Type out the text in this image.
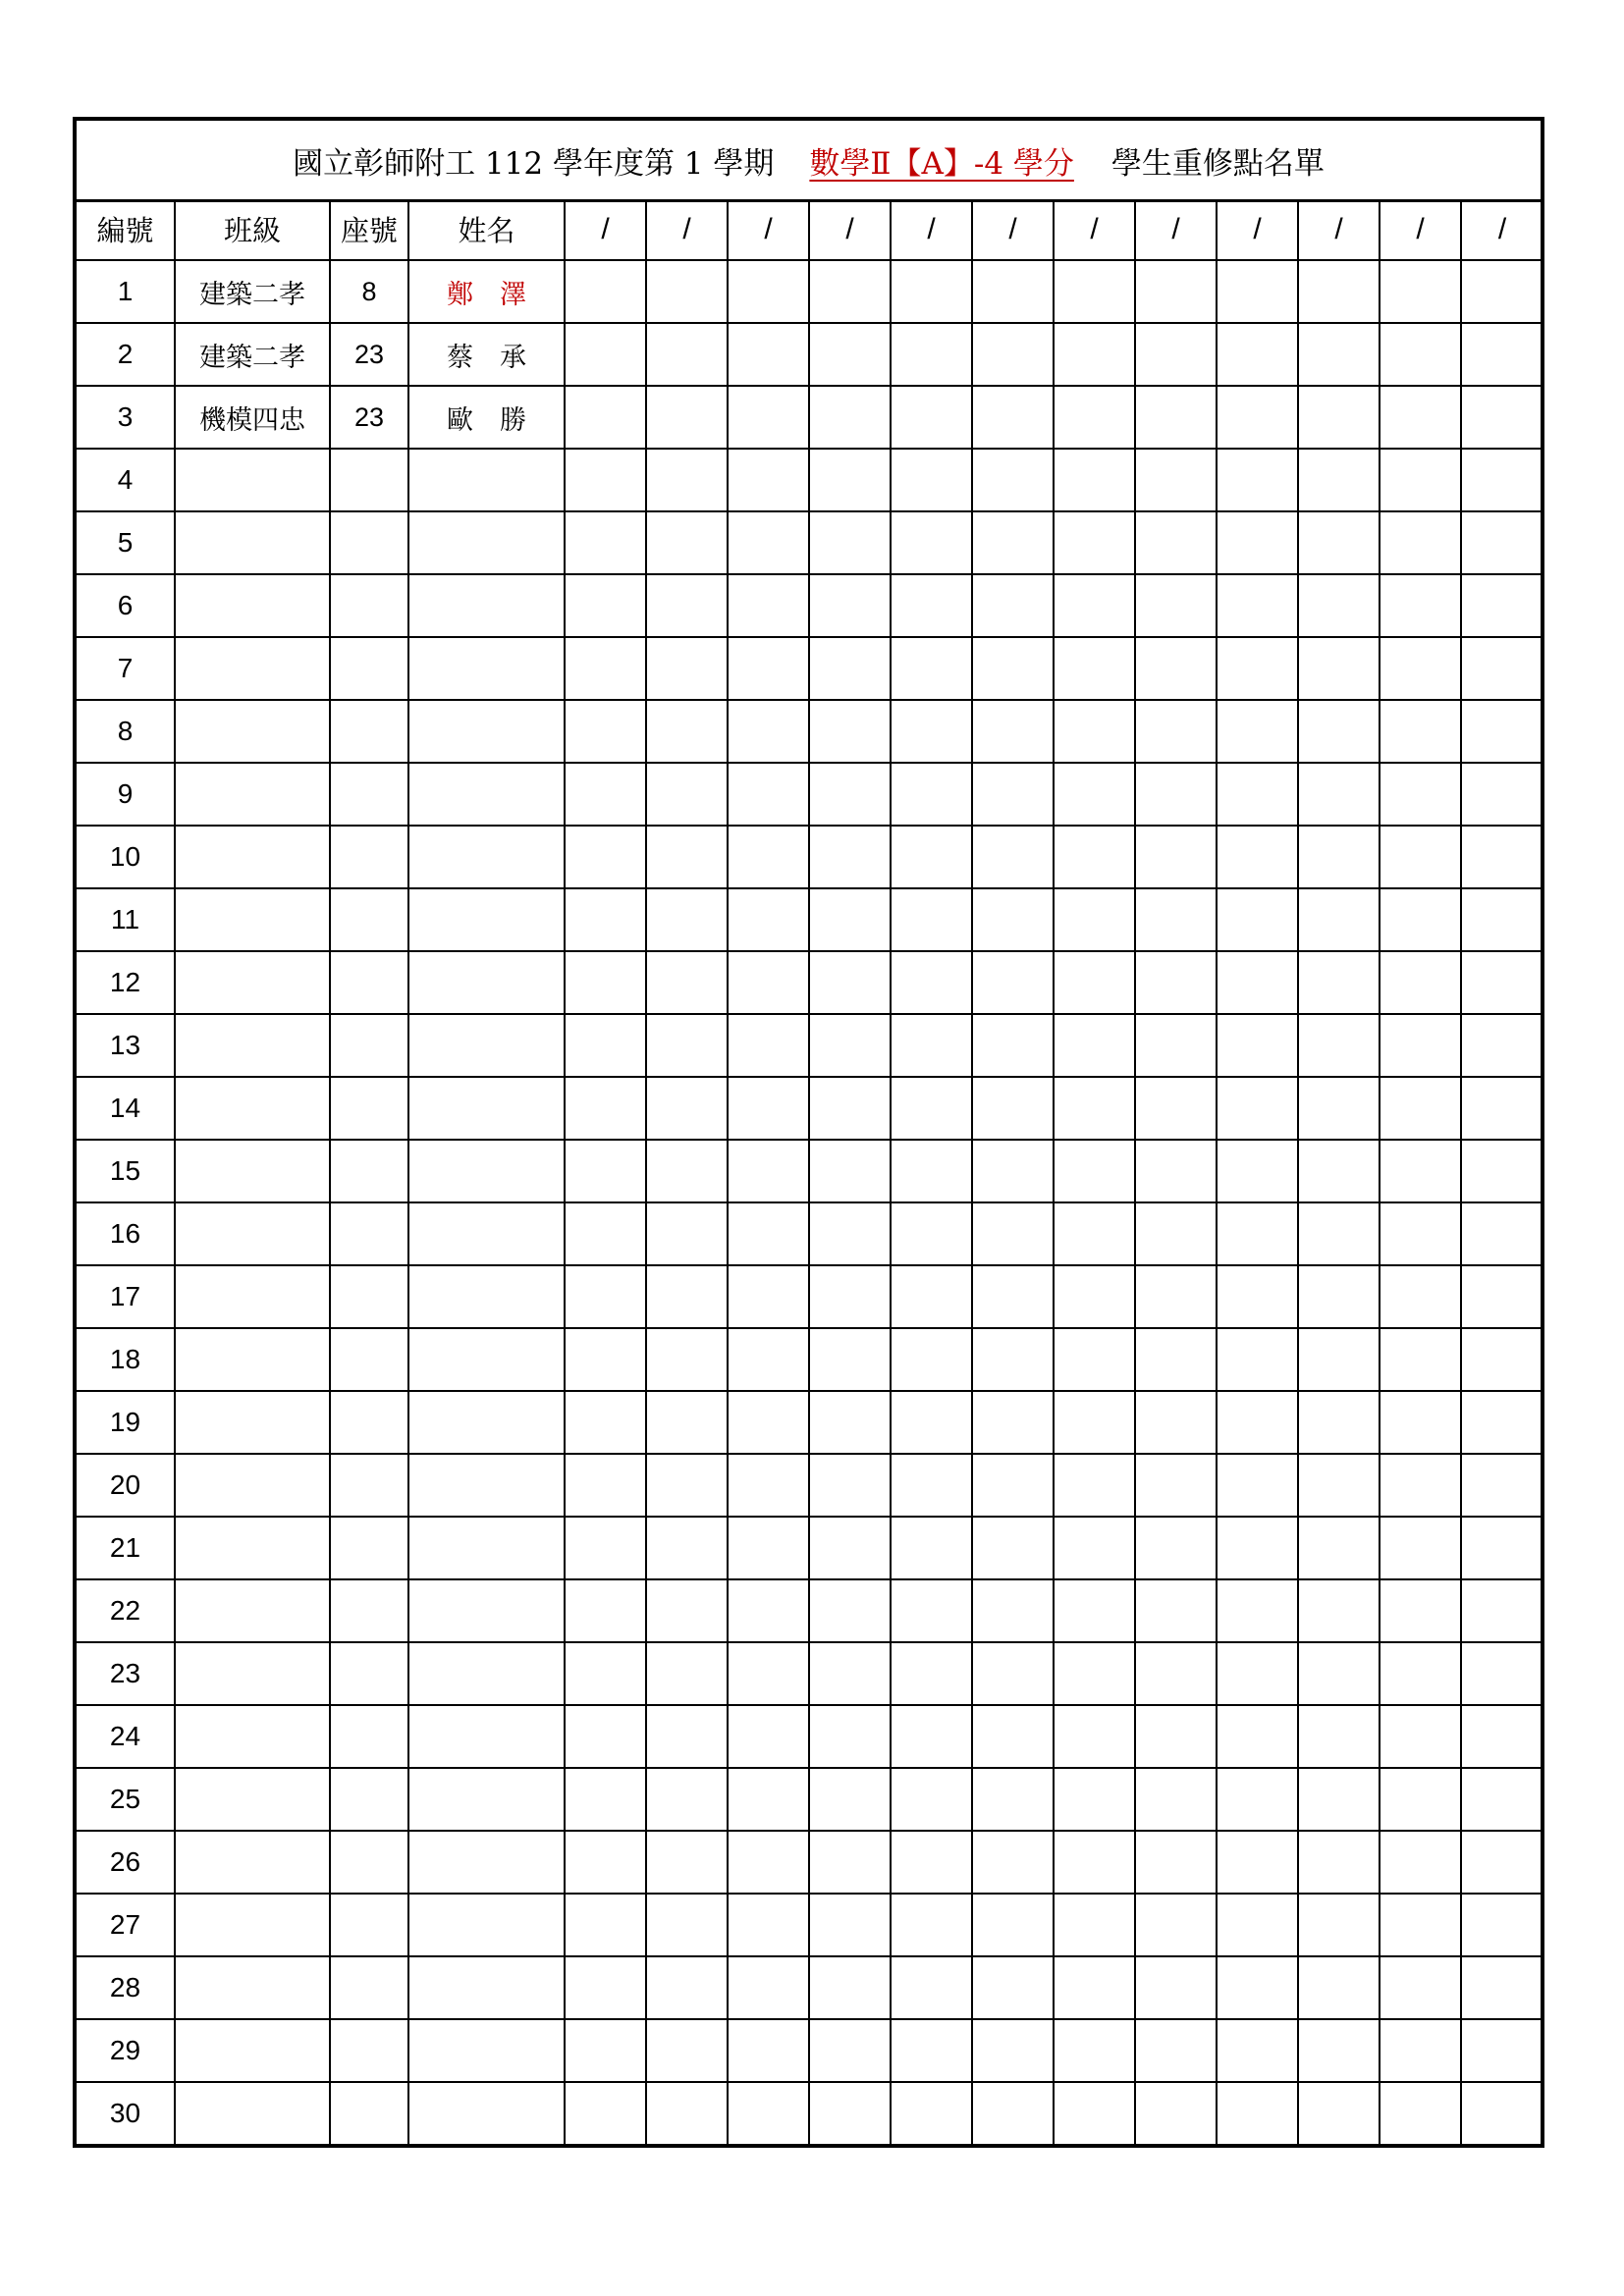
國立彰師附工 112 學年度第 1 學期 數學Ⅱ【A】-4 學分 學生重修點名單
編號	班級	座號	姓名	/	/	/	/	/	/	/	/	/	/	/	/
1	建築二孝	8	鄭 澤												

2	建築二孝	23	蔡 承												

3	機模四忠	23	歐 勝												

4															
5															
6															
7															
8															
9															
10															
11															
12															
13															
14															
15															
16															
17															
18															
19															
20															
21															
22															
23															
24															
25															
26															
27															
28															
29															
30															
